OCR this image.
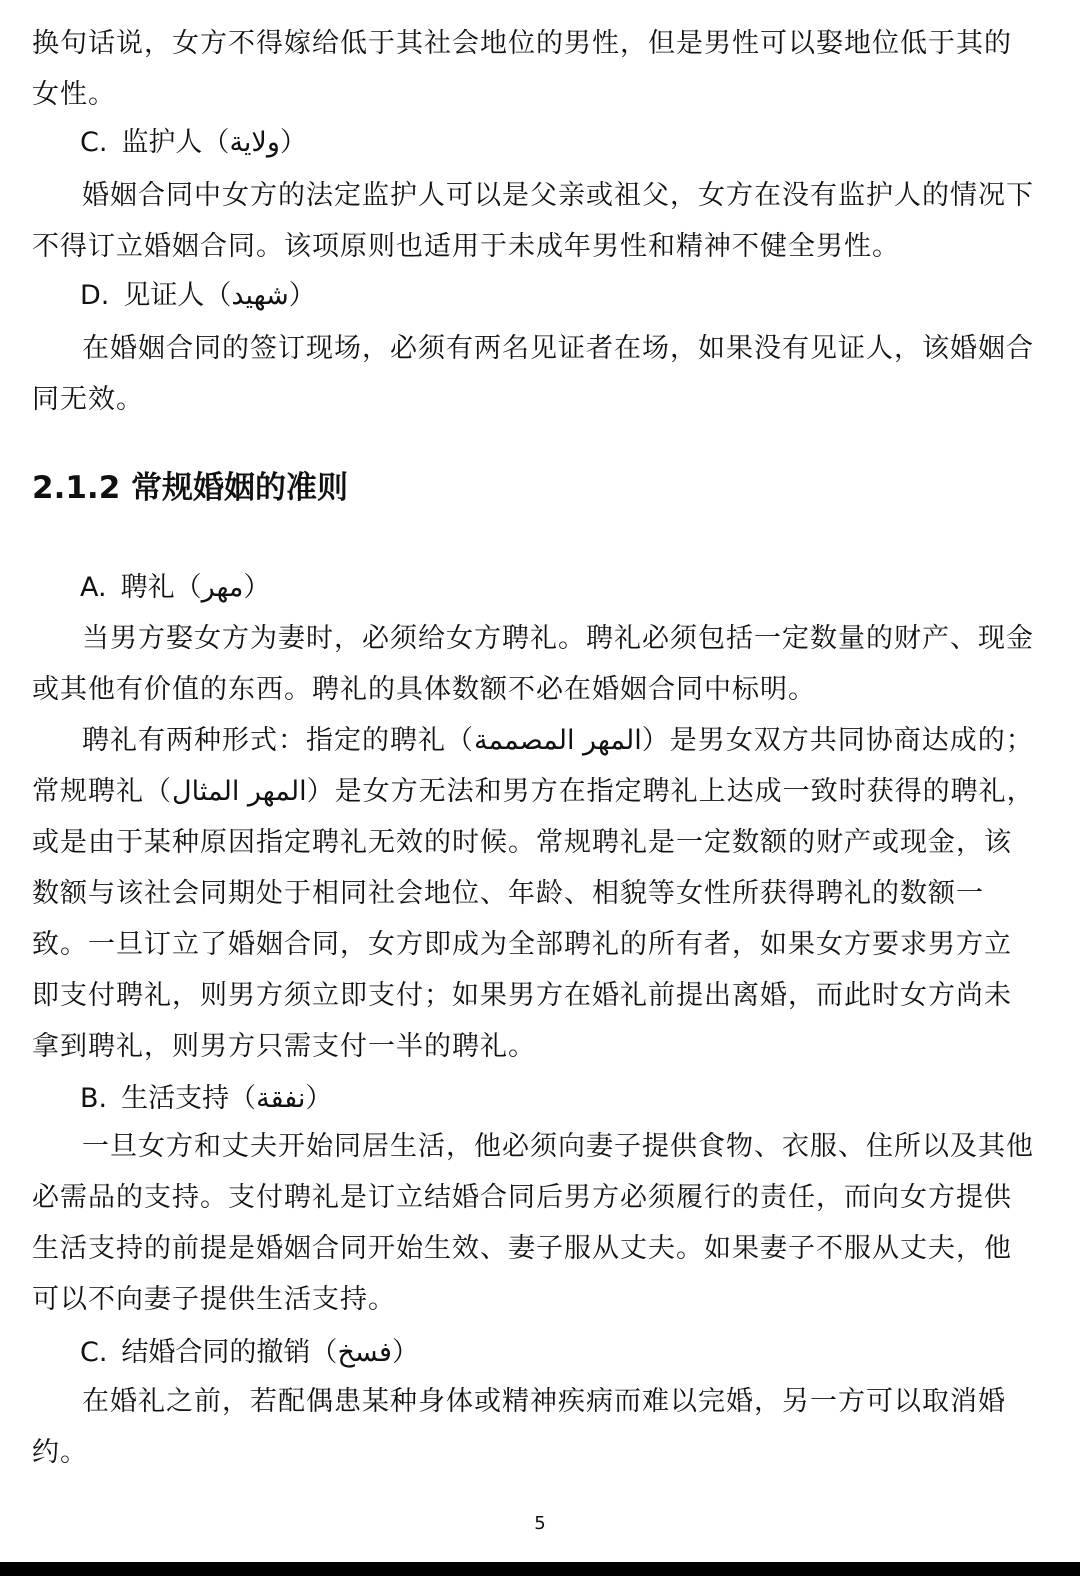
换句话说，女方不得嫁给低于其社会地位的男性，但是男性可以娶地位低于其的女性。

C. 监护人（ولاية）

婚姻合同中女方的法定监护人可以是父亲或祖父，女方在没有监护人的情况下不得订立婚姻合同。该项原则也适用于未成年男性和精神不健全男性。

D. 见证人（شهيد）

在婚姻合同的签订现场，必须有两名见证者在场，如果没有见证人，该婚姻合同无效。

2.1.2 常规婚姻的准则

A. 聘礼（مهر）

当男方娶女方为妻时，必须给女方聘礼。聘礼必须包括一定数量的财产、现金或其他有价值的东西。聘礼的具体数额不必在婚姻合同中标明。

聘礼有两种形式：指定的聘礼（المهر المصممة）是男女双方共同协商达成的；常规聘礼（المهر المثال）是女方无法和男方在指定聘礼上达成一致时获得的聘礼，或是由于某种原因指定聘礼无效的时候。常规聘礼是一定数额的财产或现金，该数额与该社会同期处于相同社会地位、年龄、相貌等女性所获得聘礼的数额一致。一旦订立了婚姻合同，女方即成为全部聘礼的所有者，如果女方要求男方立即支付聘礼，则男方须立即支付；如果男方在婚礼前提出离婚，而此时女方尚未拿到聘礼，则男方只需支付一半的聘礼。

B. 生活支持（نفقة）

一旦女方和丈夫开始同居生活，他必须向妻子提供食物、衣服、住所以及其他必需品的支持。支付聘礼是订立结婚合同后男方必须履行的责任，而向女方提供生活支持的前提是婚姻合同开始生效、妻子服从丈夫。如果妻子不服从丈夫，他可以不向妻子提供生活支持。

C. 结婚合同的撤销（فسخ）

在婚礼之前，若配偶患某种身体或精神疾病而难以完婚，另一方可以取消婚约。

5
